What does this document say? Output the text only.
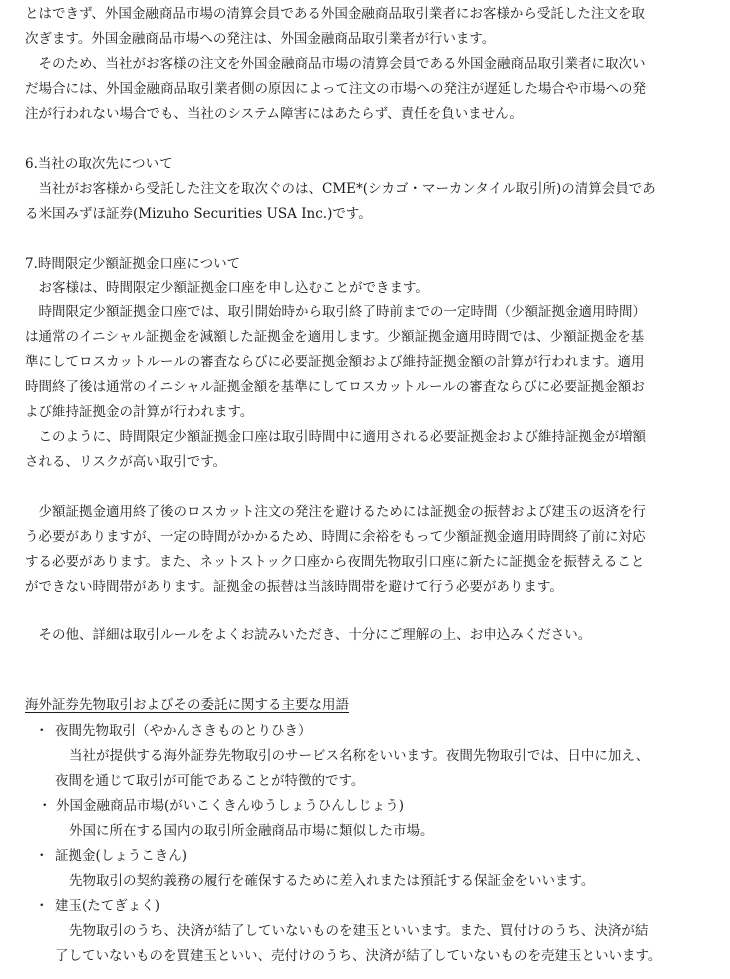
とはできず、外国金融商品市場の清算会員である外国金融商品取引業者にお客様から受託した注文を取
次ぎます。外国金融商品市場への発注は、外国金融商品取引業者が行います。
　そのため、当社がお客様の注文を外国金融商品市場の清算会員である外国金融商品取引業者に取次い
だ場合には、外国金融商品取引業者側の原因によって注文の市場への発注が遅延した場合や市場への発
注が行われない場合でも、当社のシステム障害にはあたらず、責任を負いません。
6.当社の取次先について
　当社がお客様から受託した注文を取次ぐのは、CME*(シカゴ・マーカンタイル取引所)の清算会員であ
る米国みずほ証券(Mizuho Securities USA Inc.)です。
7.時間限定少額証拠金口座について
　お客様は、時間限定少額証拠金口座を申し込むことができます。
　時間限定少額証拠金口座では、取引開始時から取引終了時前までの一定時間（少額証拠金適用時間）
は通常のイニシャル証拠金を減額した証拠金を適用します。少額証拠金適用時間では、少額証拠金を基
準にしてロスカットルールの審査ならびに必要証拠金額および維持証拠金額の計算が行われます。適用
時間終了後は通常のイニシャル証拠金額を基準にしてロスカットルールの審査ならびに必要証拠金額お
よび維持証拠金の計算が行われます。
　このように、時間限定少額証拠金口座は取引時間中に適用される必要証拠金および維持証拠金が増額
される、リスクが高い取引です。
　少額証拠金適用終了後のロスカット注文の発注を避けるためには証拠金の振替および建玉の返済を行
う必要がありますが、一定の時間がかかるため、時間に余裕をもって少額証拠金適用時間終了前に対応
する必要があります。また、ネットストック口座から夜間先物取引口座に新たに証拠金を振替えること
ができない時間帯があります。証拠金の振替は当該時間帯を避けて行う必要があります。
　その他、詳細は取引ルールをよくお読みいただき、十分にご理解の上、お申込みください。
海外証券先物取引およびその委託に関する主要な用語
・ 夜間先物取引（やかんさきものとりひき）
当社が提供する海外証券先物取引のサービス名称をいいます。夜間先物取引では、日中に加え、
夜間を通じて取引が可能であることが特徴的です。
・ 外国金融商品市場(がいこくきんゆうしょうひんしじょう)
外国に所在する国内の取引所金融商品市場に類似した市場。
・ 証拠金(しょうこきん)
先物取引の契約義務の履行を確保するために差入れまたは預託する保証金をいいます。
・ 建玉(たてぎょく)
先物取引のうち、決済が結了していないものを建玉といいます。また、買付けのうち、決済が結
了していないものを買建玉といい、売付けのうち、決済が結了していないものを売建玉といいます。
